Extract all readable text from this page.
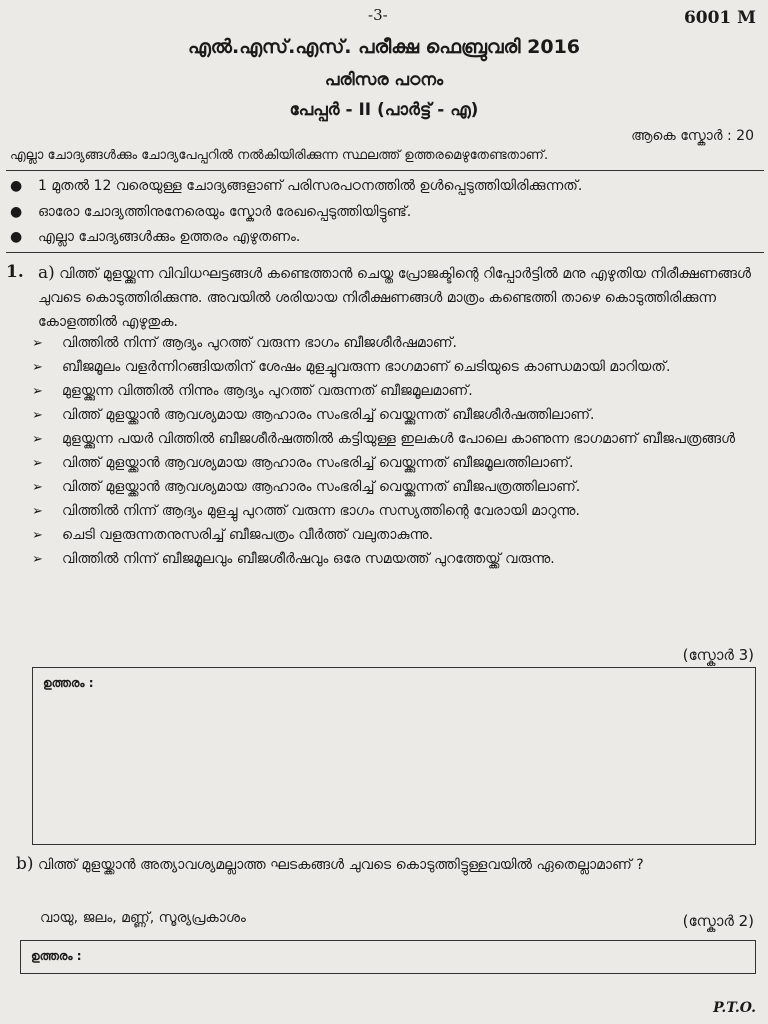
-3-	6001 M
എൽ.എസ്.എസ്. പരീക്ഷ ഫെബ്രുവരി 2016
പരിസര പഠനം
പേപ്പർ - II (പാർട്ട് - എ)
ആകെ സ്കോർ : 20
എല്ലാ ചോദ്യങ്ങൾക്കും ചോദ്യപേപ്പറിൽ നൽകിയിരിക്കുന്ന സ്ഥലത്ത് ഉത്തരമെഴുതേണ്ടതാണ്.
● 1 മുതൽ 12 വരെയുള്ള ചോദ്യങ്ങളാണ് പരിസരപഠനത്തിൽ ഉൾപ്പെടുത്തിയിരിക്കുന്നത്.
● ഓരോ ചോദ്യത്തിനുനേരെയും സ്കോർ രേഖപ്പെടുത്തിയിട്ടുണ്ട്.
● എല്ലാ ചോദ്യങ്ങൾക്കും ഉത്തരം എഴുതണം.
1. a) വിത്ത് മുളയ്ക്കുന്ന വിവിധഘട്ടങ്ങൾ കണ്ടെത്താൻ ചെയ്ത പ്രോജക്ടിന്റെ റിപ്പോർട്ടിൽ മനു എഴുതിയ നിരീക്ഷണങ്ങൾ ചുവടെ കൊടുത്തിരിക്കുന്നു. അവയിൽ ശരിയായ നിരീക്ഷണങ്ങൾ മാത്രം കണ്ടെത്തി താഴെ കൊടുത്തിരിക്കുന്ന കോളത്തിൽ എഴുതുക.
➢ വിത്തിൽ നിന്ന് ആദ്യം പുറത്ത് വരുന്ന ഭാഗം ബീജശീർഷമാണ്.
➢ ബീജമൂലം വളർന്നിറങ്ങിയതിന് ശേഷം മുളച്ചുവരുന്ന ഭാഗമാണ് ചെടിയുടെ കാണ്ഡമായി മാറിയത്.
➢ മുളയ്ക്കുന്ന വിത്തിൽ നിന്നും ആദ്യം പുറത്ത് വരുന്നത് ബീജമൂലമാണ്.
➢ വിത്ത് മുളയ്ക്കാൻ ആവശ്യമായ ആഹാരം സംഭരിച്ച് വെയ്ക്കുന്നത് ബീജശീർഷത്തിലാണ്.
➢ മുളയ്ക്കുന്ന പയർ വിത്തിൽ ബീജശീർഷത്തിൽ കട്ടിയുള്ള ഇലകൾ പോലെ കാണുന്ന ഭാഗമാണ് ബീജപത്രങ്ങൾ
➢ വിത്ത് മുളയ്ക്കാൻ ആവശ്യമായ ആഹാരം സംഭരിച്ച് വെയ്ക്കുന്നത് ബീജമൂലത്തിലാണ്.
➢ വിത്ത് മുളയ്ക്കാൻ ആവശ്യമായ ആഹാരം സംഭരിച്ച് വെയ്ക്കുന്നത് ബീജപത്രത്തിലാണ്.
➢ വിത്തിൽ നിന്ന് ആദ്യം മുളച്ചു പുറത്ത് വരുന്ന ഭാഗം സസ്യത്തിന്റെ വേരായി മാറുന്നു.
➢ ചെടി വളരുന്നതനുസരിച്ച് ബീജപത്രം വീർത്ത് വലുതാകുന്നു.
➢ വിത്തിൽ നിന്ന് ബീജമൂലവും ബീജശീർഷവും ഒരേ സമയത്ത് പുറത്തേയ്ക്ക് വരുന്നു.
(സ്കോർ 3)
ഉത്തരം :
b) വിത്ത് മുളയ്ക്കാൻ അത്യാവശ്യമല്ലാത്ത ഘടകങ്ങൾ ചുവടെ കൊടുത്തിട്ടുള്ളവയിൽ ഏതെല്ലാമാണ് ?
വായു, ജലം, മണ്ണ്, സൂര്യപ്രകാശം	(സ്കോർ 2)
ഉത്തരം :
P.T.O.
